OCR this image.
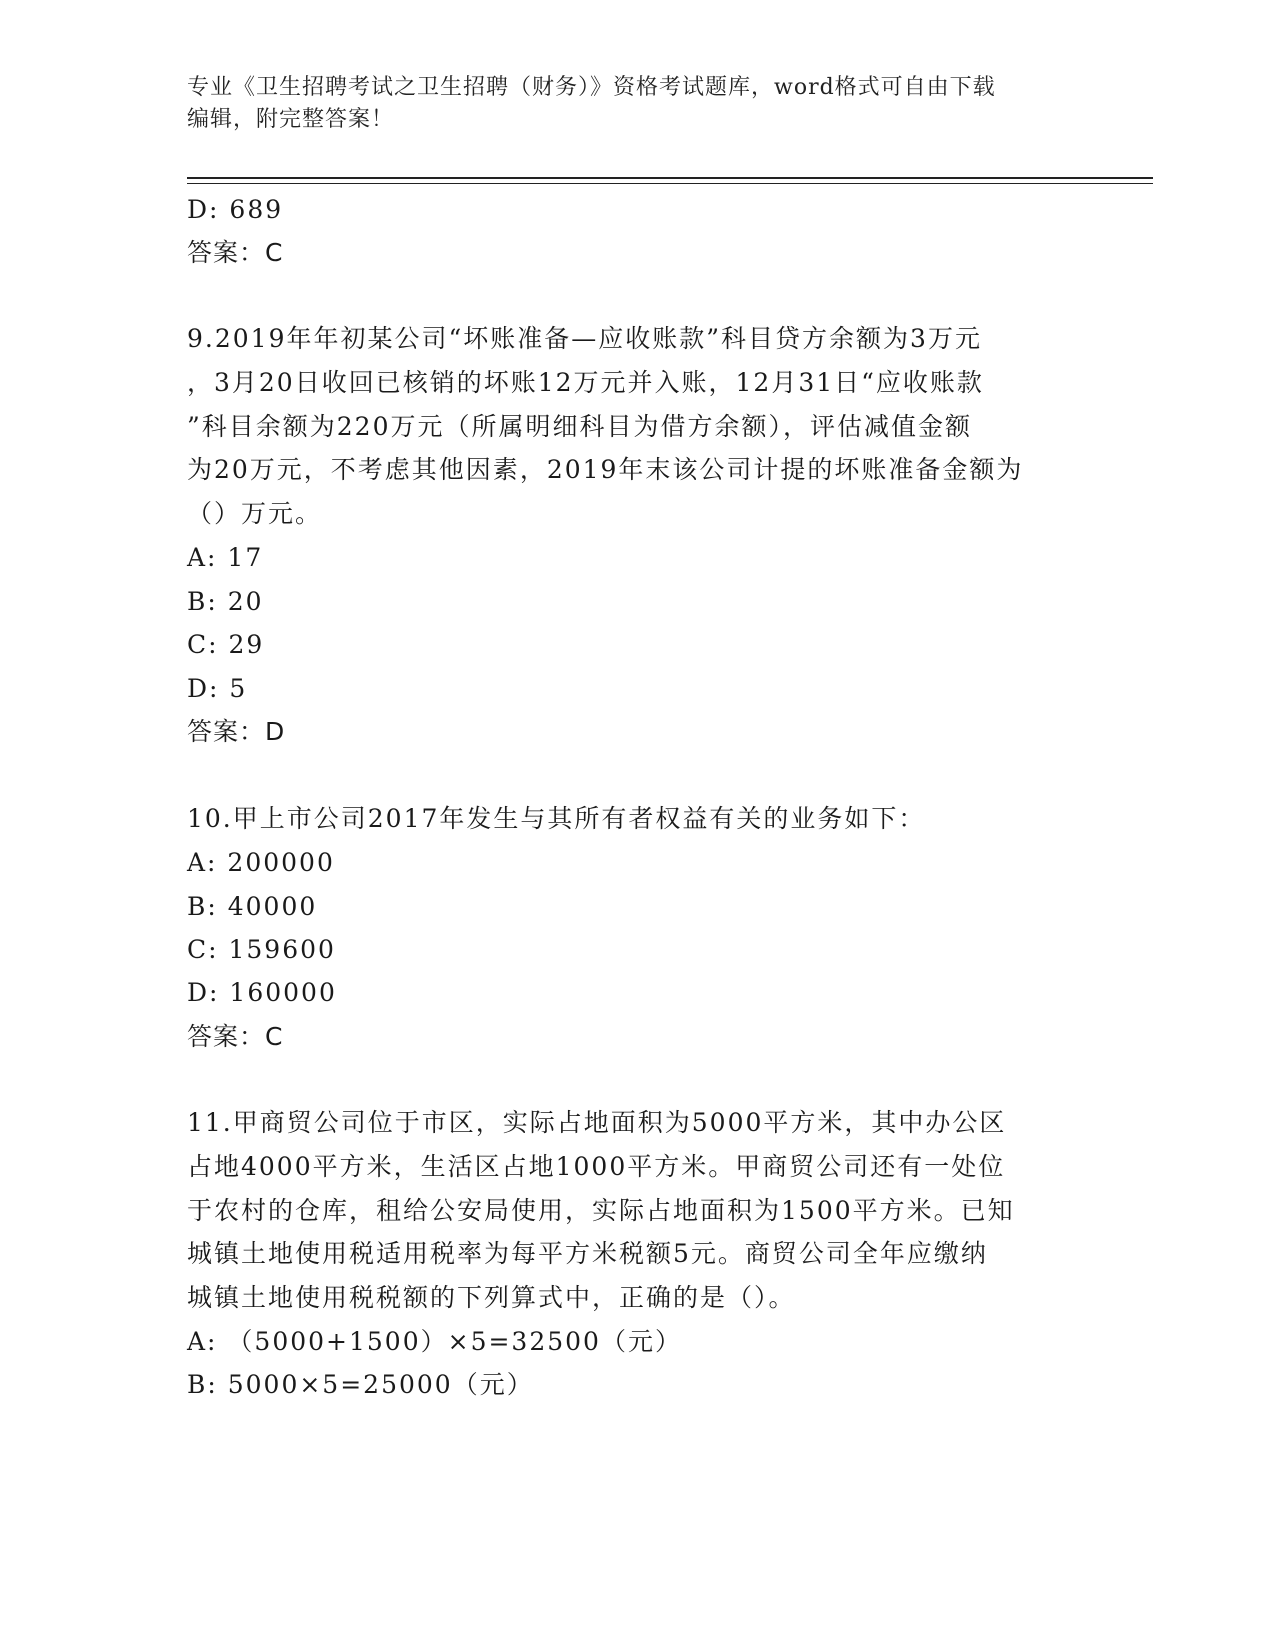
专业《卫生招聘考试之卫生招聘（财务）》资格考试题库，word格式可自由下载
编辑，附完整答案！
D: 689
答案：C
9.2019年年初某公司“坏账准备—应收账款”科目贷方余额为3万元
，3月20日收回已核销的坏账12万元并入账，12月31日“应收账款
”科目余额为220万元（所属明细科目为借方余额），评估减值金额
为20万元，不考虑其他因素，2019年末该公司计提的坏账准备金额为
（）万元。
A: 17
B: 20
C: 29
D: 5
答案：D
10.甲上市公司2017年发生与其所有者权益有关的业务如下：
A: 200000
B: 40000
C: 159600
D: 160000
答案：C
11.甲商贸公司位于市区，实际占地面积为5000平方米，其中办公区
占地4000平方米，生活区占地1000平方米。甲商贸公司还有一处位
于农村的仓库，租给公安局使用，实际占地面积为1500平方米。已知
城镇土地使用税适用税率为每平方米税额5元。商贸公司全年应缴纳
城镇土地使用税税额的下列算式中，正确的是（）。
A: （5000+1500）×5=32500（元）
B: 5000×5=25000（元）
